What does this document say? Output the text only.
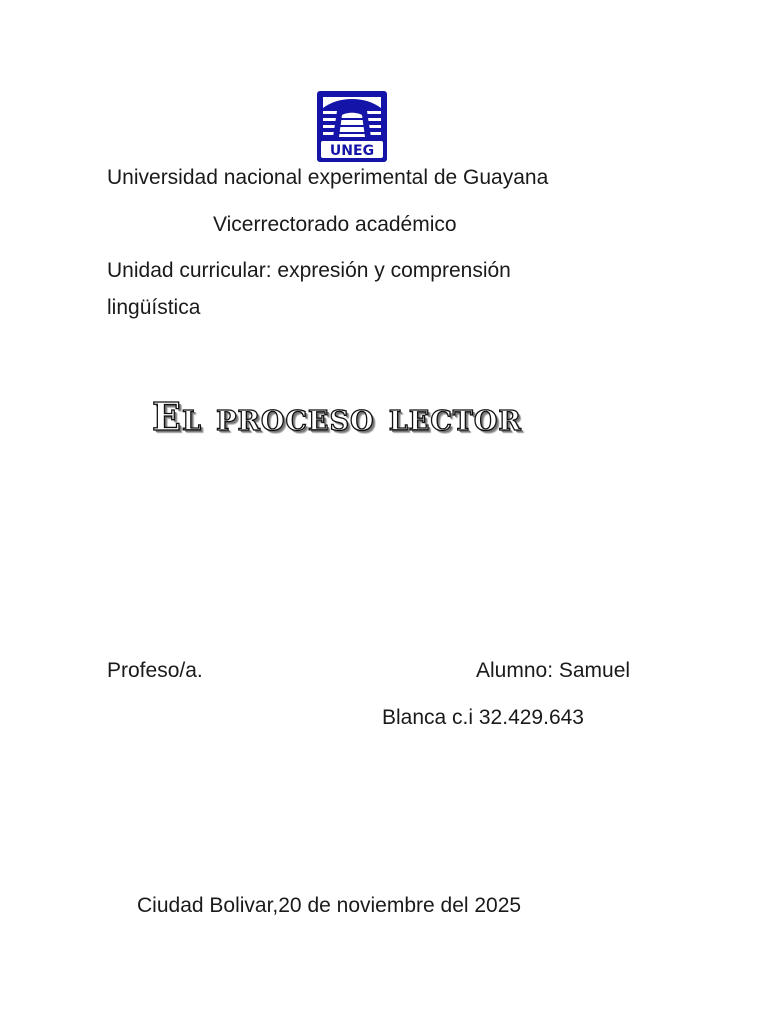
UNEG
Universidad nacional experimental de Guayana
Vicerrectorado académico
Unidad curricular: expresión y comprensión
lingüística
El proceso lector
Profeso/a.	Alumno: Samuel
Blanca c.i 32.429.643
Ciudad Bolivar,20 de noviembre del 2025
